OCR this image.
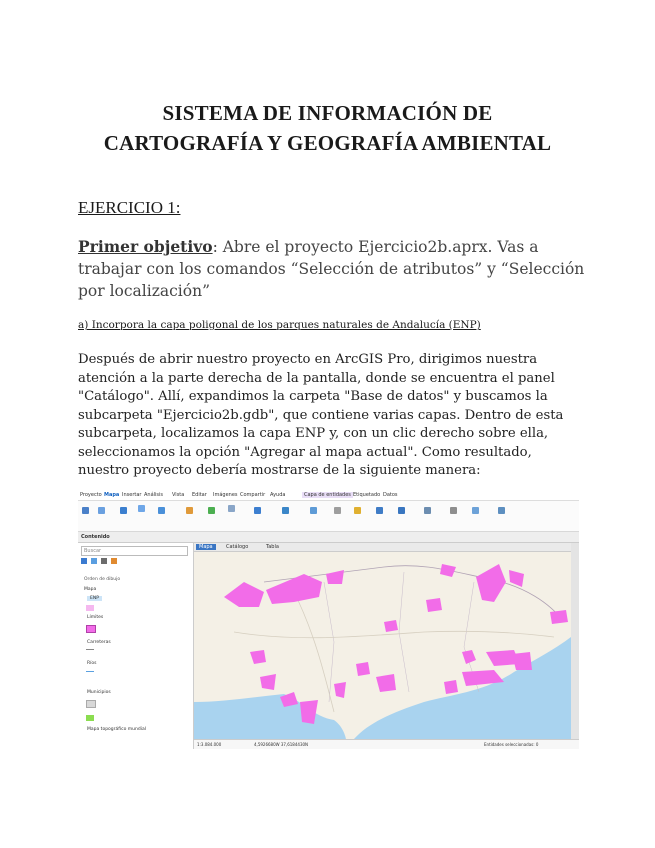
SISTEMA DE INFORMACIÓN DE
CARTOGRAFÍA Y GEOGRAFÍA AMBIENTAL
EJERCICIO 1:
Primer objetivo: Abre el proyecto Ejercicio2b.aprx. Vas a trabajar con los comandos “Selección de atributos” y “Selección por localización”
a) Incorpora la capa poligonal de los parques naturales de Andalucía (ENP)
Después de abrir nuestro proyecto en ArcGIS Pro, dirigimos nuestra atención a la parte derecha de la pantalla, donde se encuentra el panel "Catálogo". Allí, expandimos la carpeta "Base de datos" y buscamos la subcarpeta "Ejercicio2b.gdb", que contiene varias capas. Dentro de esta subcarpeta, localizamos la capa ENP y, con un clic derecho sobre ella, seleccionamos la opción "Agregar al mapa actual". Como resultado, nuestro proyecto debería mostrarse de la siguiente manera:
Proyecto Mapa Insertar Análisis Vista Editar Imágenes Compartir Ayuda	Capa de entidades Etiquetado Datos
Contenido
Buscar
Orden de dibujo
Mapa
ENP
Límites
Carreteras
Ríos
Municipios
Mapa topográfico mundial
Mapa	Catálogo	Tabla
1:3.084.000	4,5926680W 37,6184430N	Entidades seleccionadas: 0
